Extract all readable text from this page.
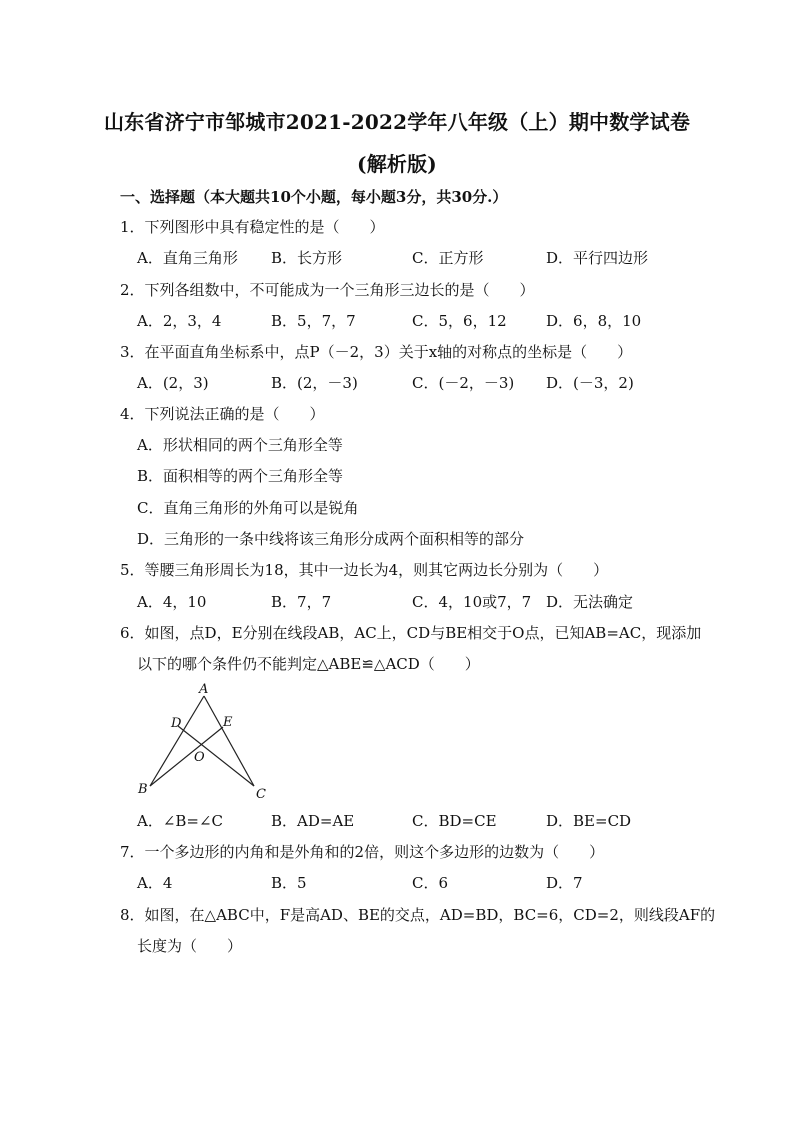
山东省济宁市邹城市2021-2022学年八年级（上）期中数学试卷
(解析版)
一、选择题（本大题共10个小题，每小题3分，共30分.）
1．下列图形中具有稳定性的是（　　）
A．直角三角形 B．长方形	C．正方形	D．平行四边形
2．下列各组数中，不可能成为一个三角形三边长的是（　　）
A．2，3，4	B．5，7，7	C．5，6，12	D．6，8，10
3．在平面直角坐标系中，点P（－2，3）关于x轴的对称点的坐标是（　　）
A．(2，3)	B．(2，－3)	C．(－2，－3) D．(－3，2)
4．下列说法正确的是（　　）
A．形状相同的两个三角形全等
B．面积相等的两个三角形全等
C．直角三角形的外角可以是锐角
D．三角形的一条中线将该三角形分成两个面积相等的部分
5．等腰三角形周长为18，其中一边长为4，则其它两边长分别为（　　）
A．4，10	B．7，7	C．4，10或7，7 D．无法确定
6．如图，点D，E分别在线段AB，AC上，CD与BE相交于O点，已知AB=AC，现添加
以下的哪个条件仍不能判定△ABE≌△ACD（　　）
A
D	E
O
B	C
A．∠B=∠C	B．AD=AE	C．BD=CE	D．BE=CD
7．一个多边形的内角和是外角和的2倍，则这个多边形的边数为（　　）
A．4	B．5	C．6	D．7
8．如图，在△ABC中，F是高AD、BE的交点，AD=BD，BC=6，CD=2，则线段AF的
长度为（　　）
